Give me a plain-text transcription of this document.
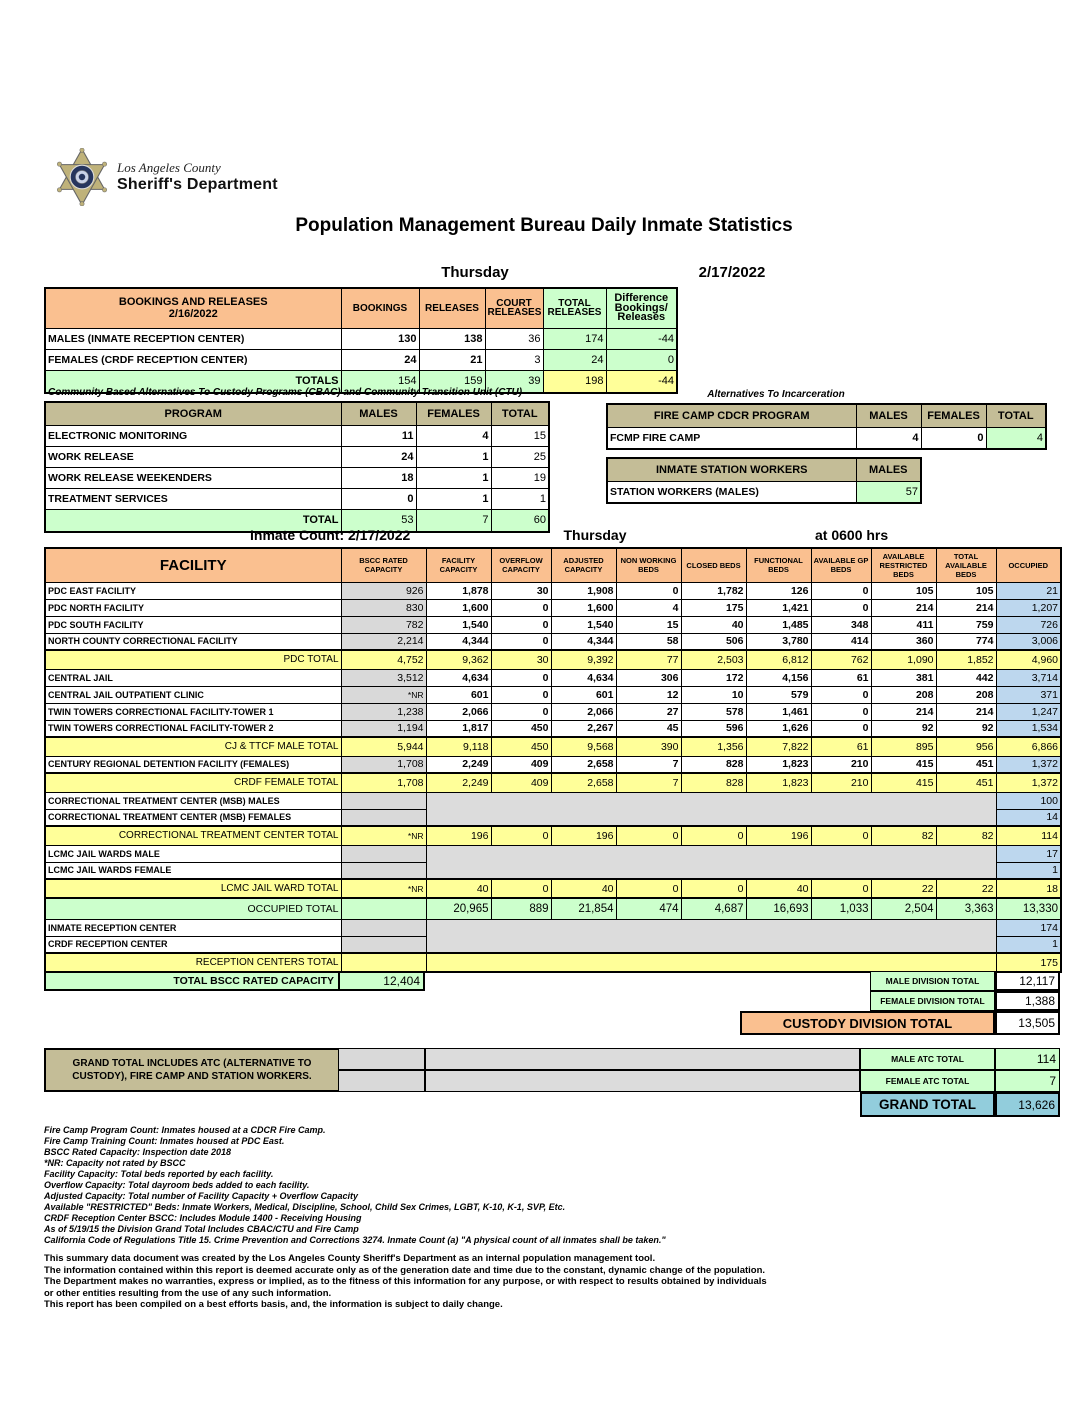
Los Angeles County
Sheriff's Department
Population Management Bureau Daily Inmate Statistics
Thursday	2/17/2022
BOOKINGS AND RELEASES
2/16/2022	BOOKINGS	RELEASES	COURT RELEASES	TOTAL RELEASES	
Difference
Bookings/
Releases

MALES (INMATE RECEPTION CENTER)	130	138	36	174	-44
FEMALES (CRDF RECEPTION CENTER)	24	21	3	24	0
TOTALS	154	159	39	198	-44
Community Based Alternatives To Custody Programs (CBAC) and Community Transition Unit (CTU)
PROGRAM	MALES	FEMALES	TOTAL
ELECTRONIC MONITORING	11	4	15
WORK RELEASE	24	1	25
WORK RELEASE WEEKENDERS	18	1	19
TREATMENT SERVICES	0	1	1
TOTAL	53	7	60
Alternatives To Incarceration
FIRE CAMP CDCR PROGRAM	MALES	FEMALES	TOTAL
FCMP FIRE CAMP	4	0	4
INMATE STATION WORKERS	MALES
STATION WORKERS (MALES)	57
Inmate Count: 2/17/2022	Thursday	at 0600 hrs
FACILITY	BSCC RATED CAPACITY	FACILITY CAPACITY	OVERFLOW CAPACITY	ADJUSTED CAPACITY	NON WORKING BEDS	CLOSED BEDS	FUNCTIONAL BEDS	AVAILABLE GP BEDS	AVAILABLE RESTRICTED BEDS	TOTAL AVAILABLE BEDS	OCCUPIED
PDC EAST FACILITY	926	1,878	30	1,908	0	1,782	126	0	105	105	21
PDC NORTH FACILITY	830	1,600	0	1,600	4	175	1,421	0	214	214	1,207
PDC SOUTH FACILITY	782	1,540	0	1,540	15	40	1,485	348	411	759	726
NORTH COUNTY CORRECTIONAL FACILITY	2,214	4,344	0	4,344	58	506	3,780	414	360	774	3,006
PDC TOTAL	4,752	9,362	30	9,392	77	2,503	6,812	762	1,090	1,852	4,960
CENTRAL JAIL	3,512	4,634	0	4,634	306	172	4,156	61	381	442	3,714
CENTRAL JAIL OUTPATIENT CLINIC	*NR	601	0	601	12	10	579	0	208	208	371
TWIN TOWERS CORRECTIONAL FACILITY-TOWER 1	1,238	2,066	0	2,066	27	578	1,461	0	214	214	1,247
TWIN TOWERS CORRECTIONAL FACILITY-TOWER 2	1,194	1,817	450	2,267	45	596	1,626	0	92	92	1,534
CJ & TTCF MALE TOTAL	5,944	9,118	450	9,568	390	1,356	7,822	61	895	956	6,866
CENTURY REGIONAL DETENTION FACILITY (FEMALES)	1,708	2,249	409	2,658	7	828	1,823	210	415	451	1,372
CRDF FEMALE TOTAL	1,708	2,249	409	2,658	7	828	1,823	210	415	451	1,372
CORRECTIONAL TREATMENT CENTER (MSB) MALES											100
CORRECTIONAL TREATMENT CENTER (MSB) FEMALES											14
CORRECTIONAL TREATMENT CENTER TOTAL	*NR	196	0	196	0	0	196	0	82	82	114
LCMC JAIL WARDS MALE											17
LCMC JAIL WARDS FEMALE											1
LCMC JAIL WARD TOTAL	*NR	40	0	40	0	0	40	0	22	22	18
OCCUPIED TOTAL		20,965	889	21,854	474	4,687	16,693	1,033	2,504	3,363	13,330
INMATE RECEPTION CENTER											174
CRDF RECEPTION CENTER											1
RECEPTION CENTERS TOTAL											175
TOTAL BSCC RATED CAPACITY	12,404	MALE DIVISION TOTAL	12,117
FEMALE DIVISION TOTAL	1,388
CUSTODY DIVISION TOTAL	13,505
GRAND TOTAL INCLUDES ATC (ALTERNATIVE TO
CUSTODY), FIRE CAMP AND STATION WORKERS.
MALE ATC TOTAL	114
FEMALE ATC TOTAL	7
GRAND TOTAL	13,626
Fire Camp Program Count: Inmates housed at a CDCR Fire Camp.
Fire Camp Training Count: Inmates housed at PDC East.
BSCC Rated Capacity: Inspection date 2018
*NR: Capacity not rated by BSCC
Facility Capacity: Total beds reported by each facility.
Overflow Capacity: Total dayroom beds added to each facility.
Adjusted Capacity: Total number of Facility Capacity + Overflow Capacity
Available "RESTRICTED" Beds: Inmate Workers, Medical, Discipline, School, Child Sex Crimes, LGBT, K-10, K-1, SVP, Etc.
CRDF Reception Center BSCC: Includes Module 1400 - Receiving Housing
As of 5/19/15 the Division Grand Total Includes CBAC/CTU and Fire Camp
California Code of Regulations Title 15. Crime Prevention and Corrections 3274. Inmate Count (a) "A physical count of all inmates shall be taken."
This summary data document was created by the Los Angeles County Sheriff's Department as an internal population management tool.
The information contained within this report is deemed accurate only as of the generation date and time due to the constant, dynamic change of the population.
The Department makes no warranties, express or implied, as to the fitness of this information for any purpose, or with respect to results obtained by individuals
or other entities resulting from the use of any such information.
This report has been compiled on a best efforts basis, and, the information is subject to daily change.
